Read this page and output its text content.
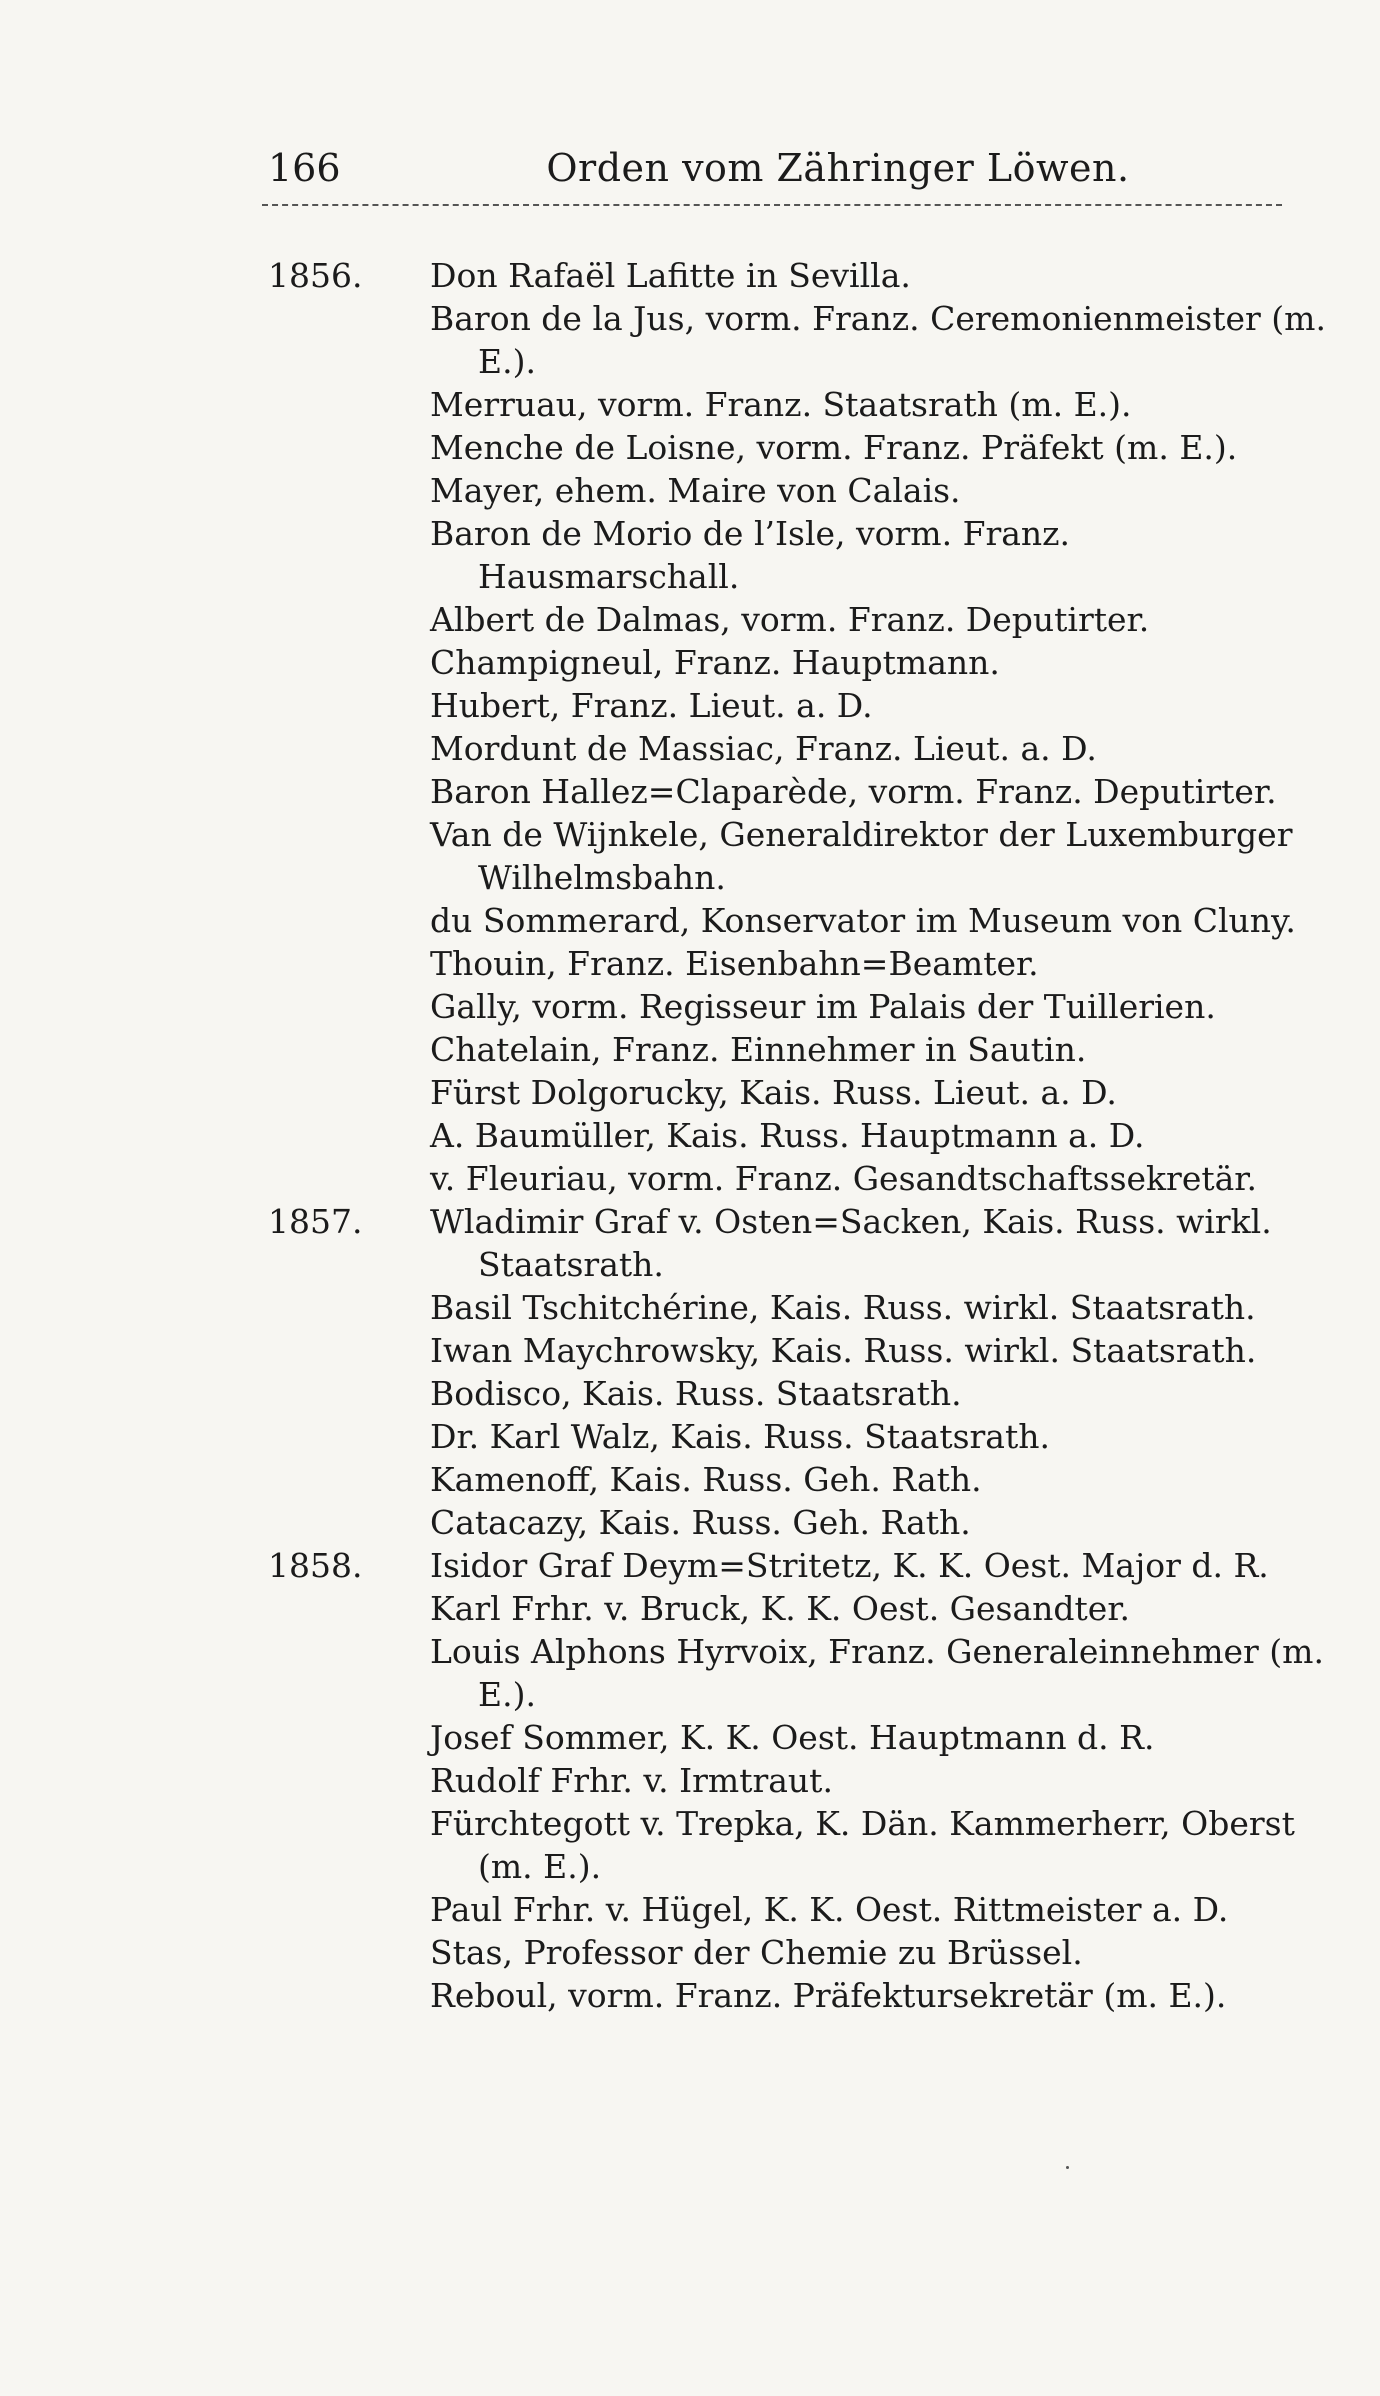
166	Orden vom Zähringer Löwen.
1856.	Don Rafaël Lafitte in Sevilla.
Baron de la Jus, vorm. Franz. Ceremonienmeister (m. E.).
Merruau, vorm. Franz. Staatsrath (m. E.).
Menche de Loisne, vorm. Franz. Präfekt (m. E.).
Mayer, ehem. Maire von Calais.
Baron de Morio de l’Isle, vorm. Franz. Hausmarschall.
Albert de Dalmas, vorm. Franz. Deputirter.
Champigneul, Franz. Hauptmann.
Hubert, Franz. Lieut. a. D.
Mordunt de Massiac, Franz. Lieut. a. D.
Baron Hallez=Claparède, vorm. Franz. Deputirter.
Van de Wijnkele, Generaldirektor der Luxemburger Wilhelmsbahn.
du Sommerard, Konservator im Museum von Cluny.
Thouin, Franz. Eisenbahn=Beamter.
Gally, vorm. Regisseur im Palais der Tuillerien.
Chatelain, Franz. Einnehmer in Sautin.
Fürst Dolgorucky, Kais. Russ. Lieut. a. D.
A. Baumüller, Kais. Russ. Hauptmann a. D.
v. Fleuriau, vorm. Franz. Gesandtschaftssekretär.
1857.	Wladimir Graf v. Osten=Sacken, Kais. Russ. wirkl. Staatsrath.
Basil Tschitchérine, Kais. Russ. wirkl. Staatsrath.
Iwan Maychrowsky, Kais. Russ. wirkl. Staatsrath.
Bodisco, Kais. Russ. Staatsrath.
Dr. Karl Walz, Kais. Russ. Staatsrath.
Kamenoff, Kais. Russ. Geh. Rath.
Catacazy, Kais. Russ. Geh. Rath.
1858.	Isidor Graf Deym=Stritetz, K. K. Oest. Major d. R.
Karl Frhr. v. Bruck, K. K. Oest. Gesandter.
Louis Alphons Hyrvoix, Franz. Generaleinnehmer (m. E.).
Josef Sommer, K. K. Oest. Hauptmann d. R.
Rudolf Frhr. v. Irmtraut.
Fürchtegott v. Trepka, K. Dän. Kammerherr, Oberst (m. E.).
Paul Frhr. v. Hügel, K. K. Oest. Rittmeister a. D.
Stas, Professor der Chemie zu Brüssel.
Reboul, vorm. Franz. Präfektursekretär (m. E.).
